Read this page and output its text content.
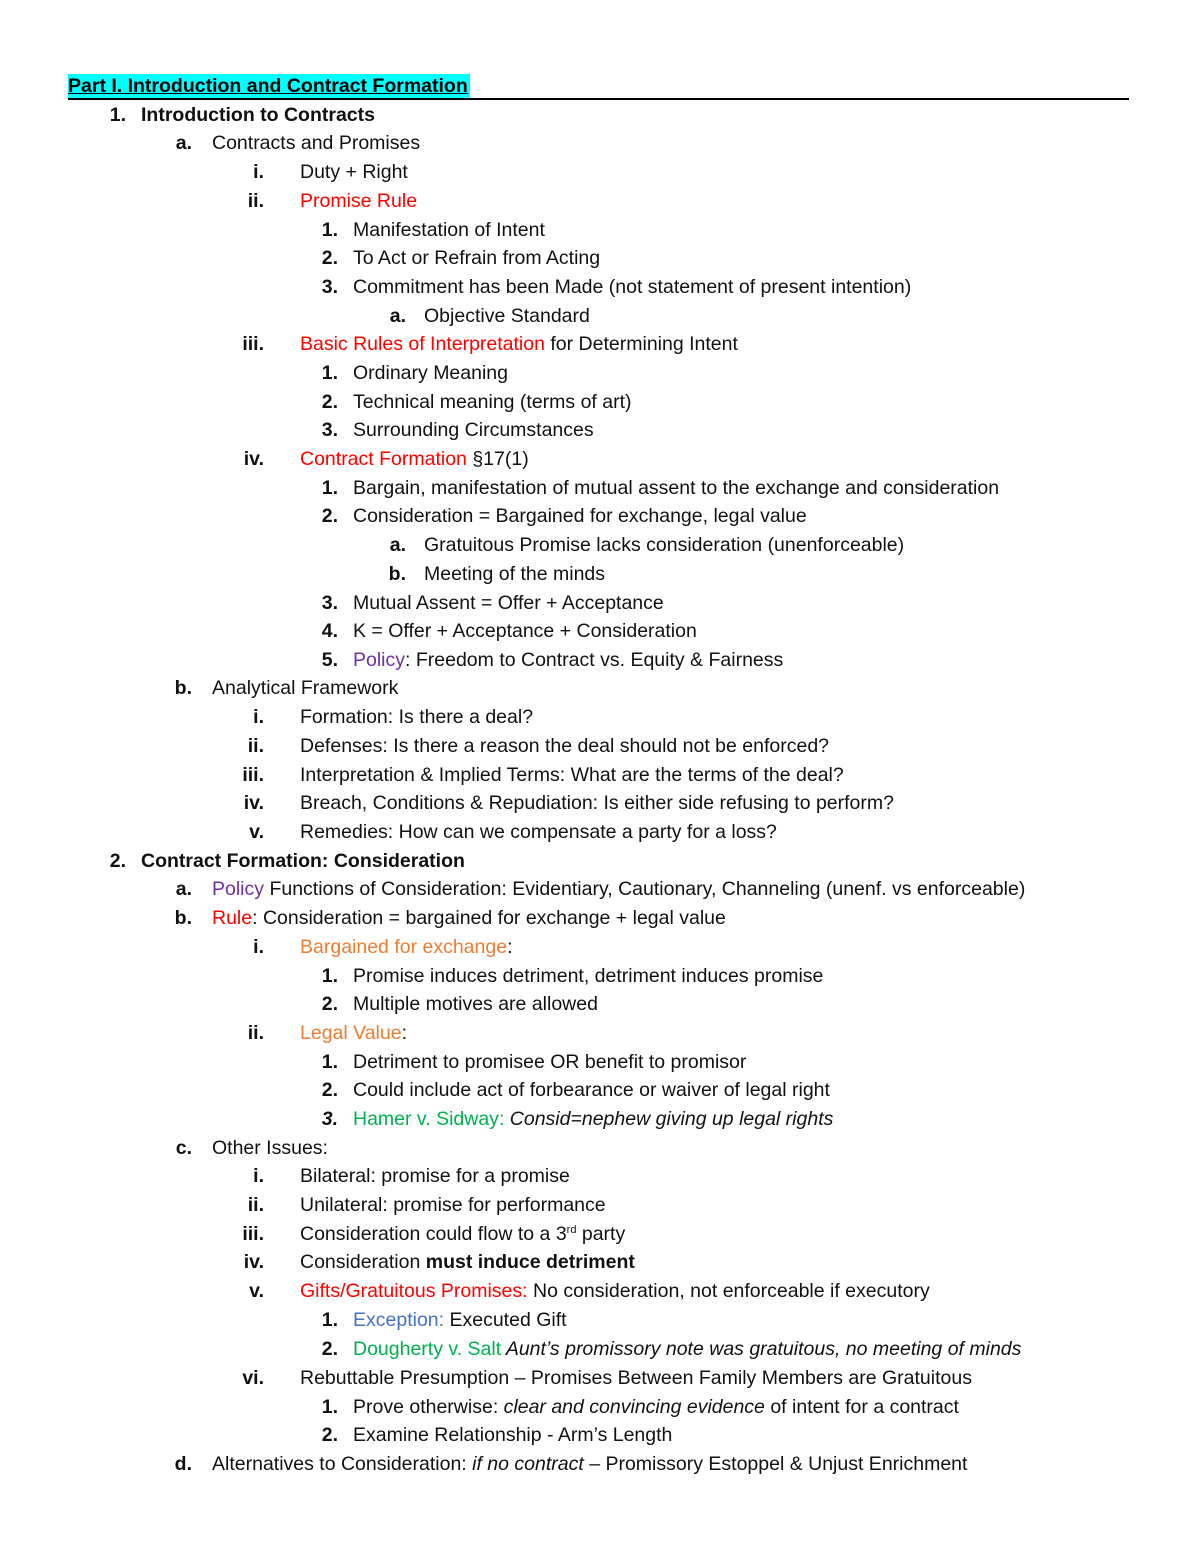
Part I. Introduction and Contract Formation
1. Introduction to Contracts
a. Contracts and Promises
i. Duty + Right
ii. Promise Rule
1. Manifestation of Intent
2. To Act or Refrain from Acting
3. Commitment has been Made (not statement of present intention)
a. Objective Standard
iii. Basic Rules of Interpretation for Determining Intent
1. Ordinary Meaning
2. Technical meaning (terms of art)
3. Surrounding Circumstances
iv. Contract Formation §17(1)
1. Bargain, manifestation of mutual assent to the exchange and consideration
2. Consideration = Bargained for exchange, legal value
a. Gratuitous Promise lacks consideration (unenforceable)
b. Meeting of the minds
3. Mutual Assent = Offer + Acceptance
4. K = Offer + Acceptance + Consideration
5. Policy: Freedom to Contract vs. Equity & Fairness
b. Analytical Framework
i. Formation: Is there a deal?
ii. Defenses: Is there a reason the deal should not be enforced?
iii. Interpretation & Implied Terms: What are the terms of the deal?
iv. Breach, Conditions & Repudiation: Is either side refusing to perform?
v. Remedies: How can we compensate a party for a loss?
2. Contract Formation: Consideration
a. Policy Functions of Consideration: Evidentiary, Cautionary, Channeling (unenf. vs enforceable)
b. Rule: Consideration = bargained for exchange + legal value
i. Bargained for exchange:
1. Promise induces detriment, detriment induces promise
2. Multiple motives are allowed
ii. Legal Value:
1. Detriment to promisee OR benefit to promisor
2. Could include act of forbearance or waiver of legal right
3. Hamer v. Sidway: Consid=nephew giving up legal rights
c. Other Issues:
i. Bilateral: promise for a promise
ii. Unilateral: promise for performance
iii. Consideration could flow to a 3rd party
iv. Consideration must induce detriment
v. Gifts/Gratuitous Promises: No consideration, not enforceable if executory
1. Exception: Executed Gift
2. Dougherty v. Salt Aunt’s promissory note was gratuitous, no meeting of minds
vi. Rebuttable Presumption – Promises Between Family Members are Gratuitous
1. Prove otherwise: clear and convincing evidence of intent for a contract
2. Examine Relationship - Arm’s Length
d. Alternatives to Consideration: if no contract – Promissory Estoppel & Unjust Enrichment
